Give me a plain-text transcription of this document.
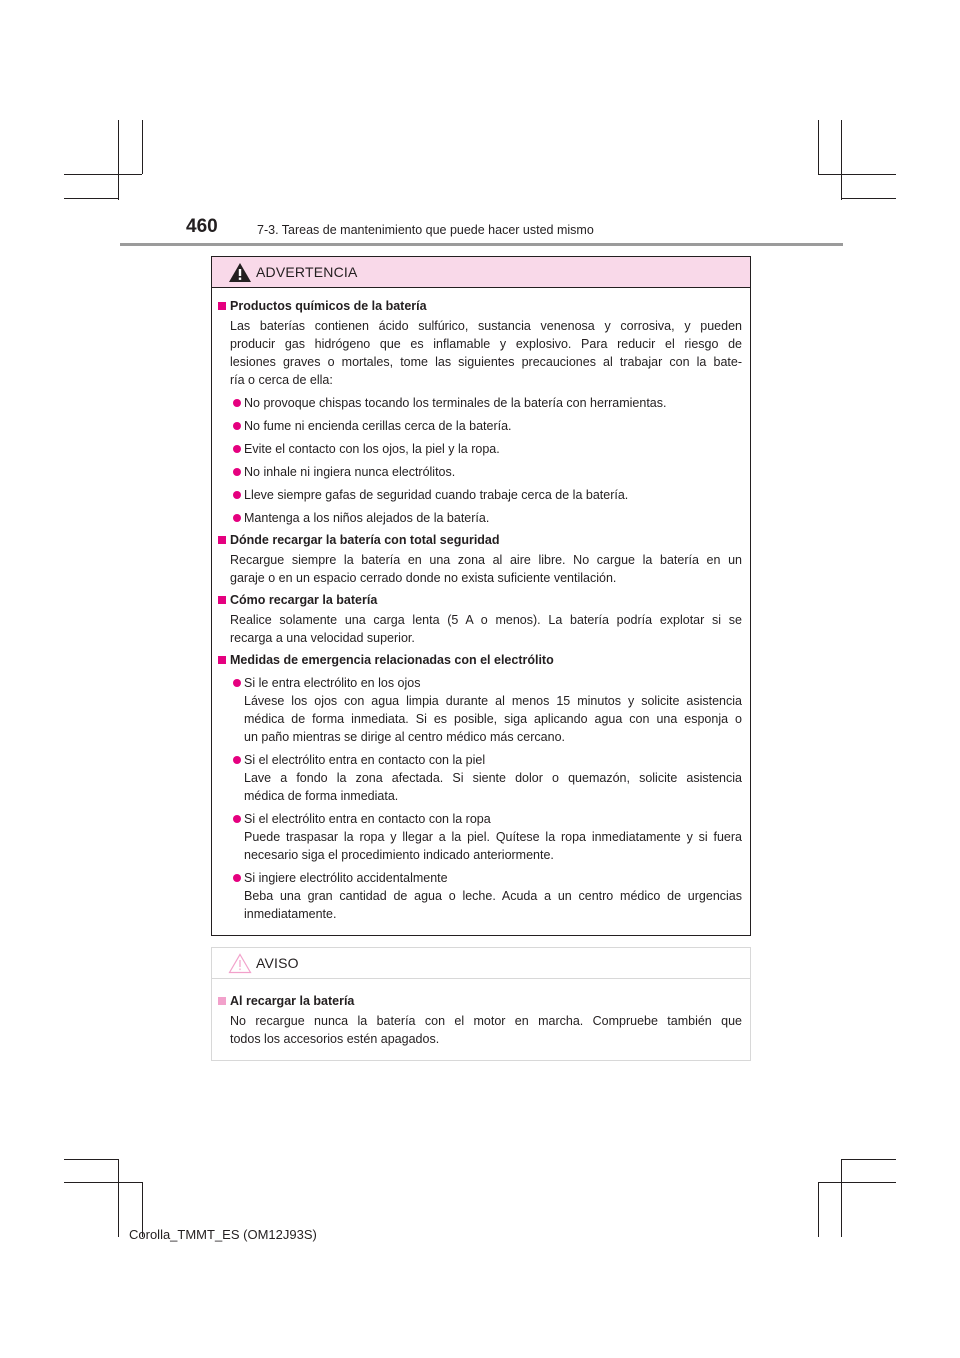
460	7-3. Tareas de mantenimiento que puede hacer usted mismo
ADVERTENCIA
Productos químicos de la batería
Las baterías contienen ácido sulfúrico, sustancia venenosa y corrosiva, y pueden
producir gas hidrógeno que es inflamable y explosivo. Para reducir el riesgo de
lesiones graves o mortales, tome las siguientes precauciones al trabajar con la bate-
ría o cerca de ella:
No provoque chispas tocando los terminales de la batería con herramientas.
No fume ni encienda cerillas cerca de la batería.
Evite el contacto con los ojos, la piel y la ropa.
No inhale ni ingiera nunca electrólitos.
Lleve siempre gafas de seguridad cuando trabaje cerca de la batería.
Mantenga a los niños alejados de la batería.
Dónde recargar la batería con total seguridad
Recargue siempre la batería en una zona al aire libre. No cargue la batería en un
garaje o en un espacio cerrado donde no exista suficiente ventilación.
Cómo recargar la batería
Realice solamente una carga lenta (5 A o menos). La batería podría explotar si se
recarga a una velocidad superior.
Medidas de emergencia relacionadas con el electrólito
Si le entra electrólito en los ojos
Lávese los ojos con agua limpia durante al menos 15 minutos y solicite asistencia
médica de forma inmediata. Si es posible, siga aplicando agua con una esponja o
un paño mientras se dirige al centro médico más cercano.
Si el electrólito entra en contacto con la piel
Lave a fondo la zona afectada. Si siente dolor o quemazón, solicite asistencia
médica de forma inmediata.
Si el electrólito entra en contacto con la ropa
Puede traspasar la ropa y llegar a la piel. Quítese la ropa inmediatamente y si fuera
necesario siga el procedimiento indicado anteriormente.
Si ingiere electrólito accidentalmente
Beba una gran cantidad de agua o leche. Acuda a un centro médico de urgencias
inmediatamente.
AVISO
Al recargar la batería
No recargue nunca la batería con el motor en marcha. Compruebe también que
todos los accesorios estén apagados.
Corolla_TMMT_ES (OM12J93S)
